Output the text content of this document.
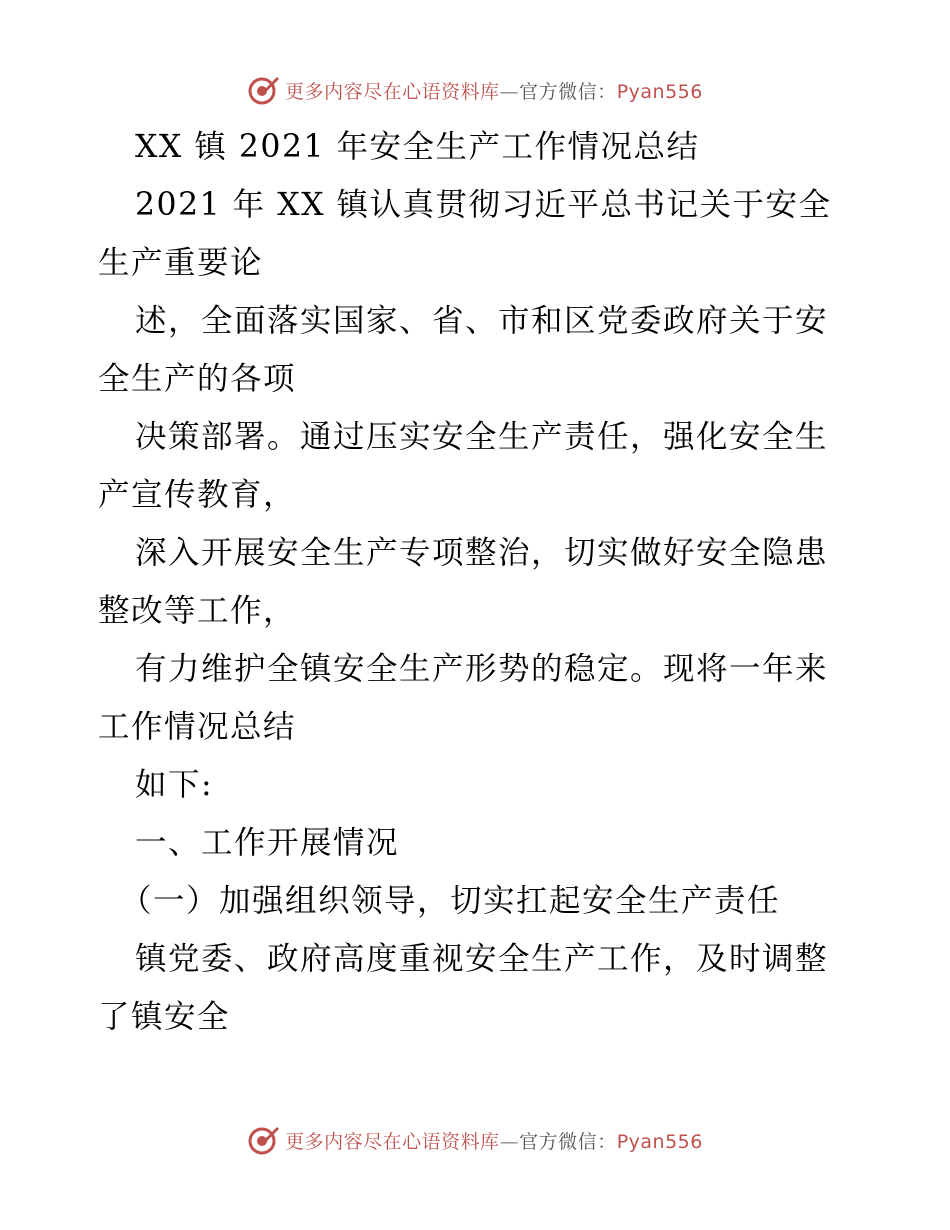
更多内容尽在心语资料库—官方微信：Pyan556
XX 镇 2021 年安全生产工作情况总结
2021 年 XX 镇认真贯彻习近平总书记关于安全
生产重要论
述，全面落实国家、省、市和区党委政府关于安
全生产的各项
决策部署。通过压实安全生产责任，强化安全生
产宣传教育，
深入开展安全生产专项整治，切实做好安全隐患
整改等工作，
有力维护全镇安全生产形势的稳定。现将一年来
工作情况总结
如下:
一、工作开展情况
（一）加强组织领导，切实扛起安全生产责任
镇党委、政府高度重视安全生产工作，及时调整
了镇安全
更多内容尽在心语资料库—官方微信：Pyan556
